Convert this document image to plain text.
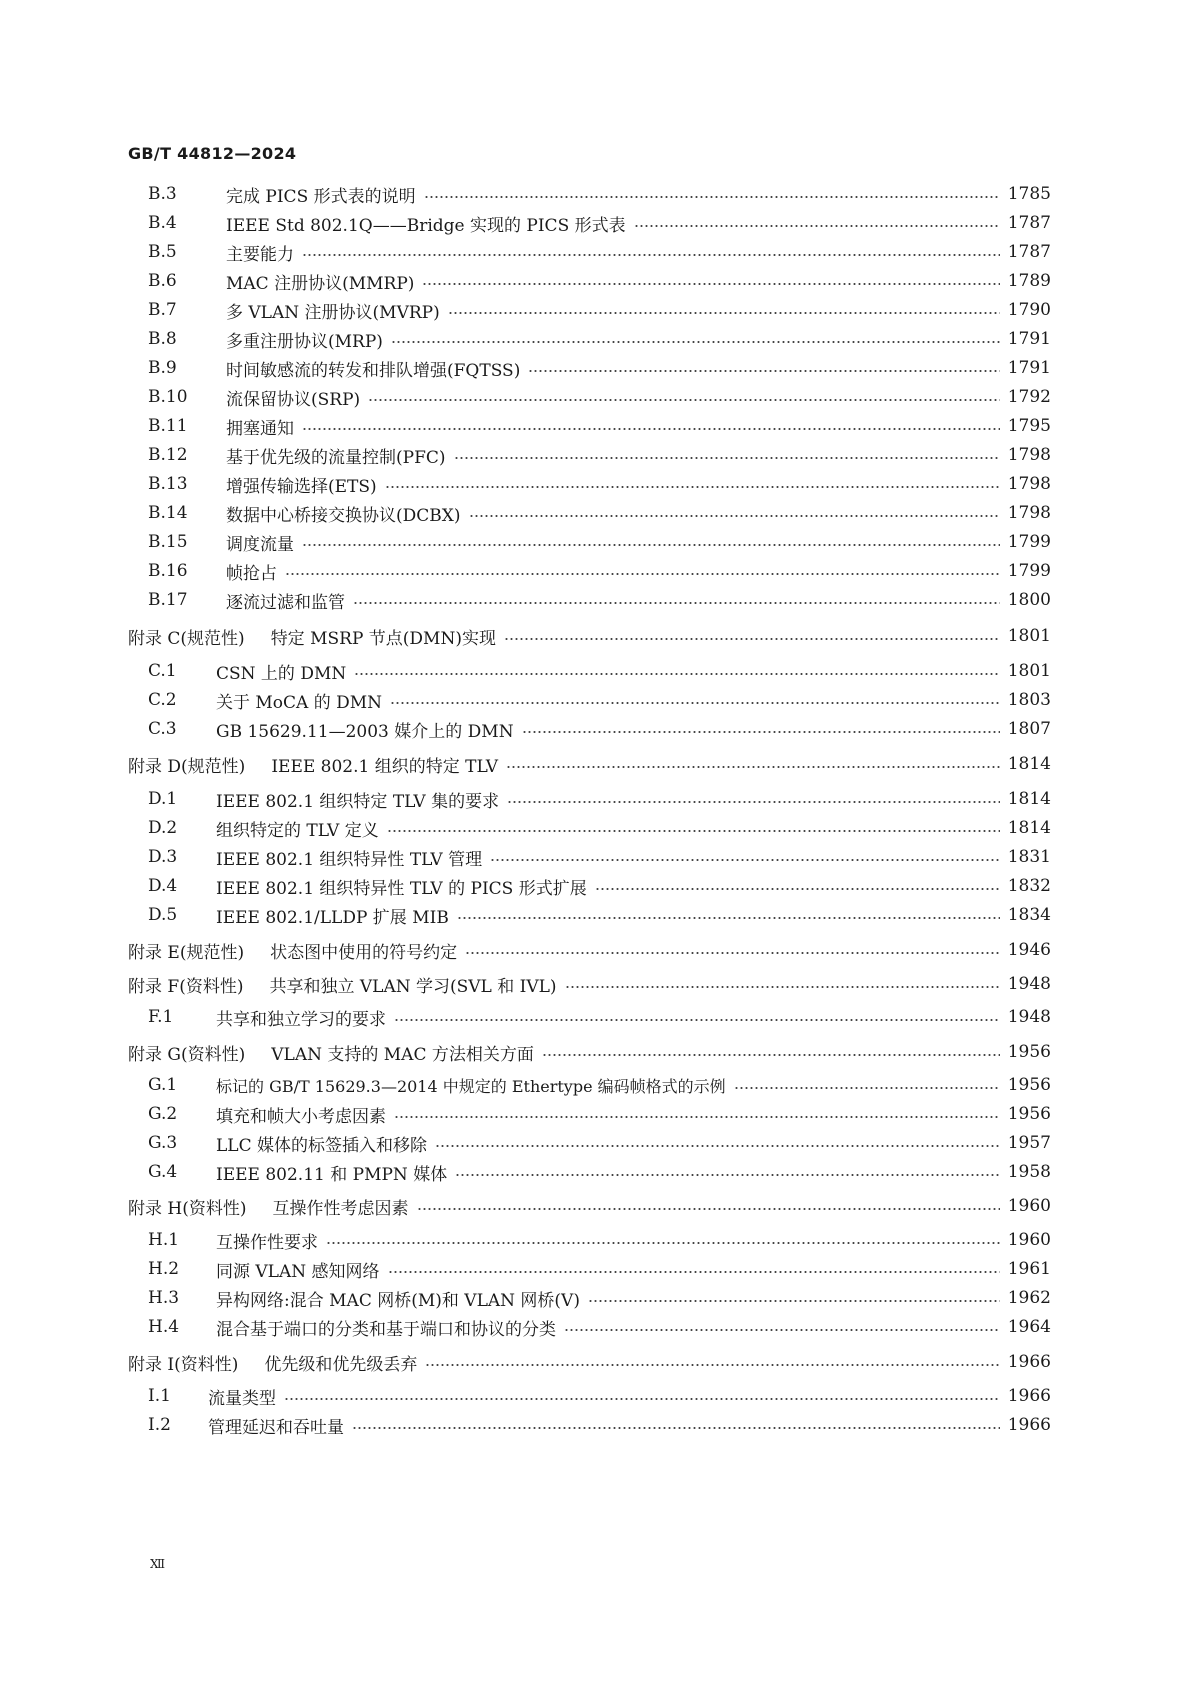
GB/T 44812—2024
B.3	完成 PICS 形式表的说明	1785
B.4	IEEE Std 802.1Q——Bridge 实现的 PICS 形式表	1787
B.5	主要能力	1787
B.6	MAC 注册协议(MMRP)	1789
B.7	多 VLAN 注册协议(MVRP)	1790
B.8	多重注册协议(MRP)	1791
B.9	时间敏感流的转发和排队增强(FQTSS)	1791
B.10	流保留协议(SRP)	1792
B.11	拥塞通知	1795
B.12	基于优先级的流量控制(PFC)	1798
B.13	增强传输选择(ETS)	1798
B.14	数据中心桥接交换协议(DCBX)	1798
B.15	调度流量	1799
B.16	帧抢占	1799
B.17	逐流过滤和监管	1800
附录 C(规范性)	特定 MSRP 节点(DMN)实现	1801
C.1	CSN 上的 DMN	1801
C.2	关于 MoCA 的 DMN	1803
C.3	GB 15629.11—2003 媒介上的 DMN	1807
附录 D(规范性)	IEEE 802.1 组织的特定 TLV	1814
D.1	IEEE 802.1 组织特定 TLV 集的要求	1814
D.2	组织特定的 TLV 定义	1814
D.3	IEEE 802.1 组织特异性 TLV 管理	1831
D.4	IEEE 802.1 组织特异性 TLV 的 PICS 形式扩展	1832
D.5	IEEE 802.1/LLDP 扩展 MIB	1834
附录 E(规范性)	状态图中使用的符号约定	1946
附录 F(资料性)	共享和独立 VLAN 学习(SVL 和 IVL)	1948
F.1	共享和独立学习的要求	1948
附录 G(资料性)	VLAN 支持的 MAC 方法相关方面	1956
G.1	标记的 GB/T 15629.3—2014 中规定的 Ethertype 编码帧格式的示例	1956
G.2	填充和帧大小考虑因素	1956
G.3	LLC 媒体的标签插入和移除	1957
G.4	IEEE 802.11 和 PMPN 媒体	1958
附录 H(资料性)	互操作性考虑因素	1960
H.1	互操作性要求	1960
H.2	同源 VLAN 感知网络	1961
H.3	异构网络:混合 MAC 网桥(M)和 VLAN 网桥(V)	1962
H.4	混合基于端口的分类和基于端口和协议的分类	1964
附录 I(资料性)	优先级和优先级丢弃	1966
I.1	流量类型	1966
I.2	管理延迟和吞吐量	1966
Ⅻ
